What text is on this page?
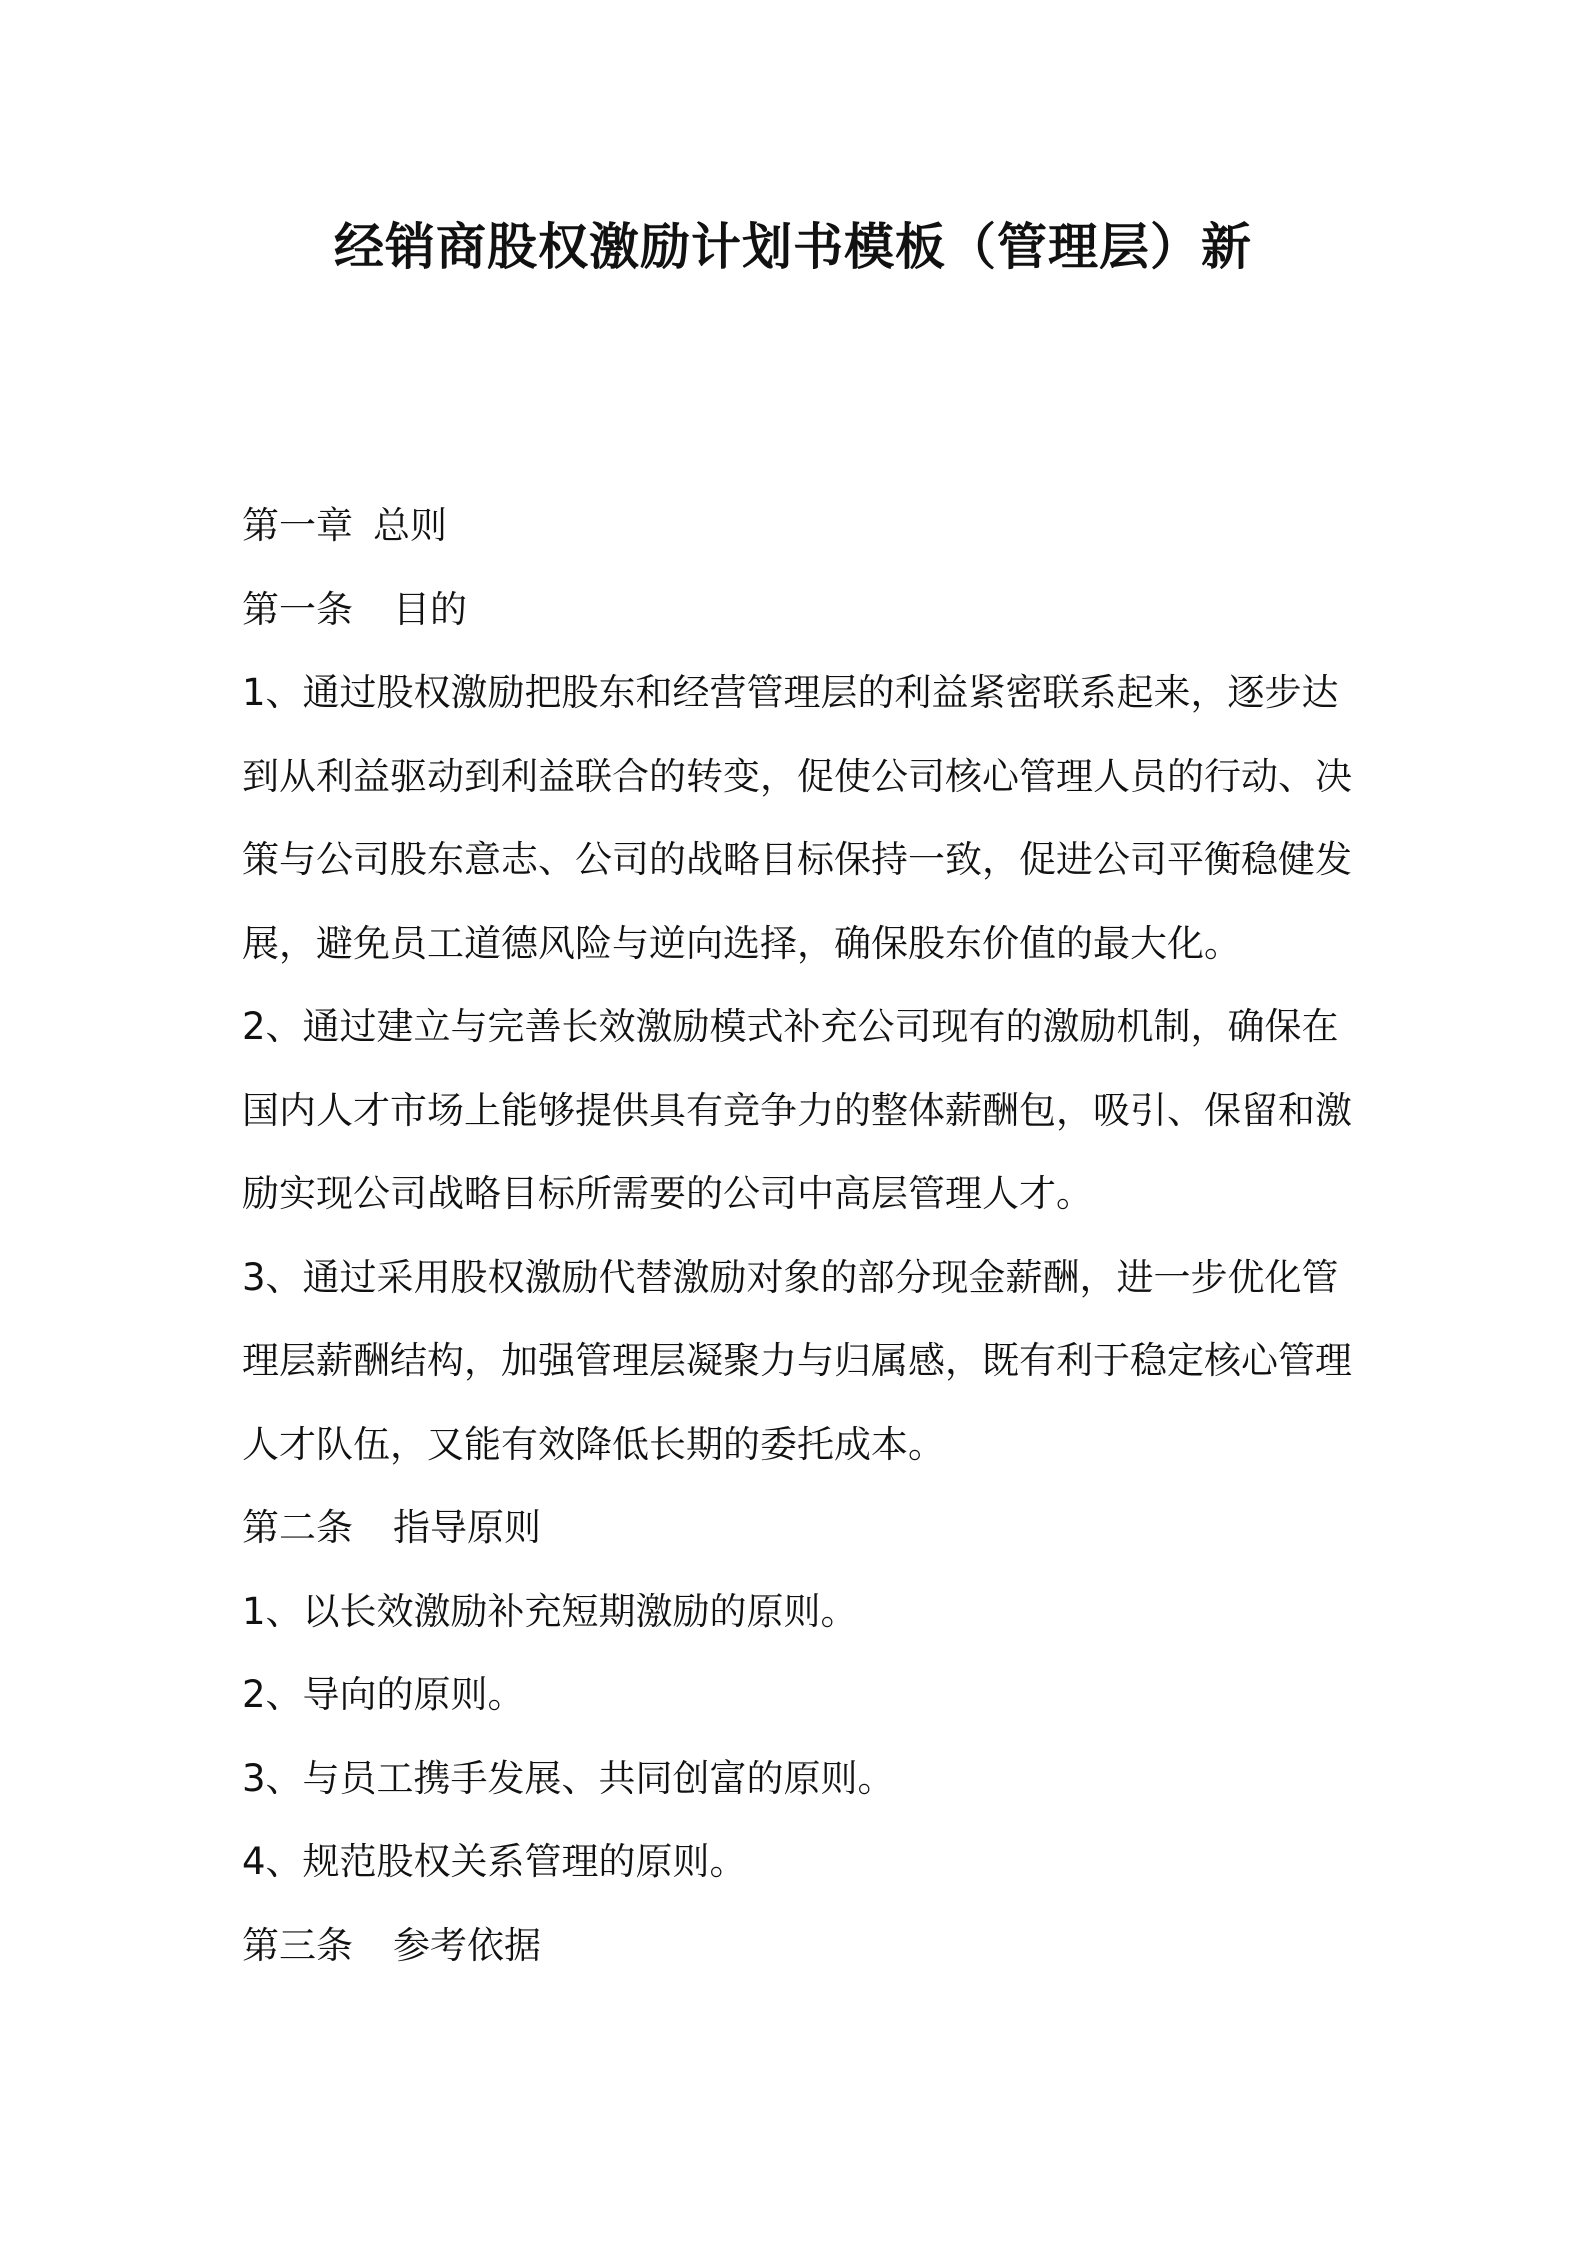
经销商股权激励计划书模板（管理层）新
第一章 总则
第一条 目的
1、通过股权激励把股东和经营管理层的利益紧密联系起来，逐步达
到从利益驱动到利益联合的转变，促使公司核心管理人员的行动、决
策与公司股东意志、公司的战略目标保持一致，促进公司平衡稳健发
展，避免员工道德风险与逆向选择，确保股东价值的最大化。
2、通过建立与完善长效激励模式补充公司现有的激励机制，确保在
国内人才市场上能够提供具有竞争力的整体薪酬包，吸引、保留和激
励实现公司战略目标所需要的公司中高层管理人才。
3、通过采用股权激励代替激励对象的部分现金薪酬，进一步优化管
理层薪酬结构，加强管理层凝聚力与归属感，既有利于稳定核心管理
人才队伍，又能有效降低长期的委托成本。
第二条 指导原则
1、以长效激励补充短期激励的原则。
2、导向的原则。
3、与员工携手发展、共同创富的原则。
4、规范股权关系管理的原则。
第三条 参考依据
